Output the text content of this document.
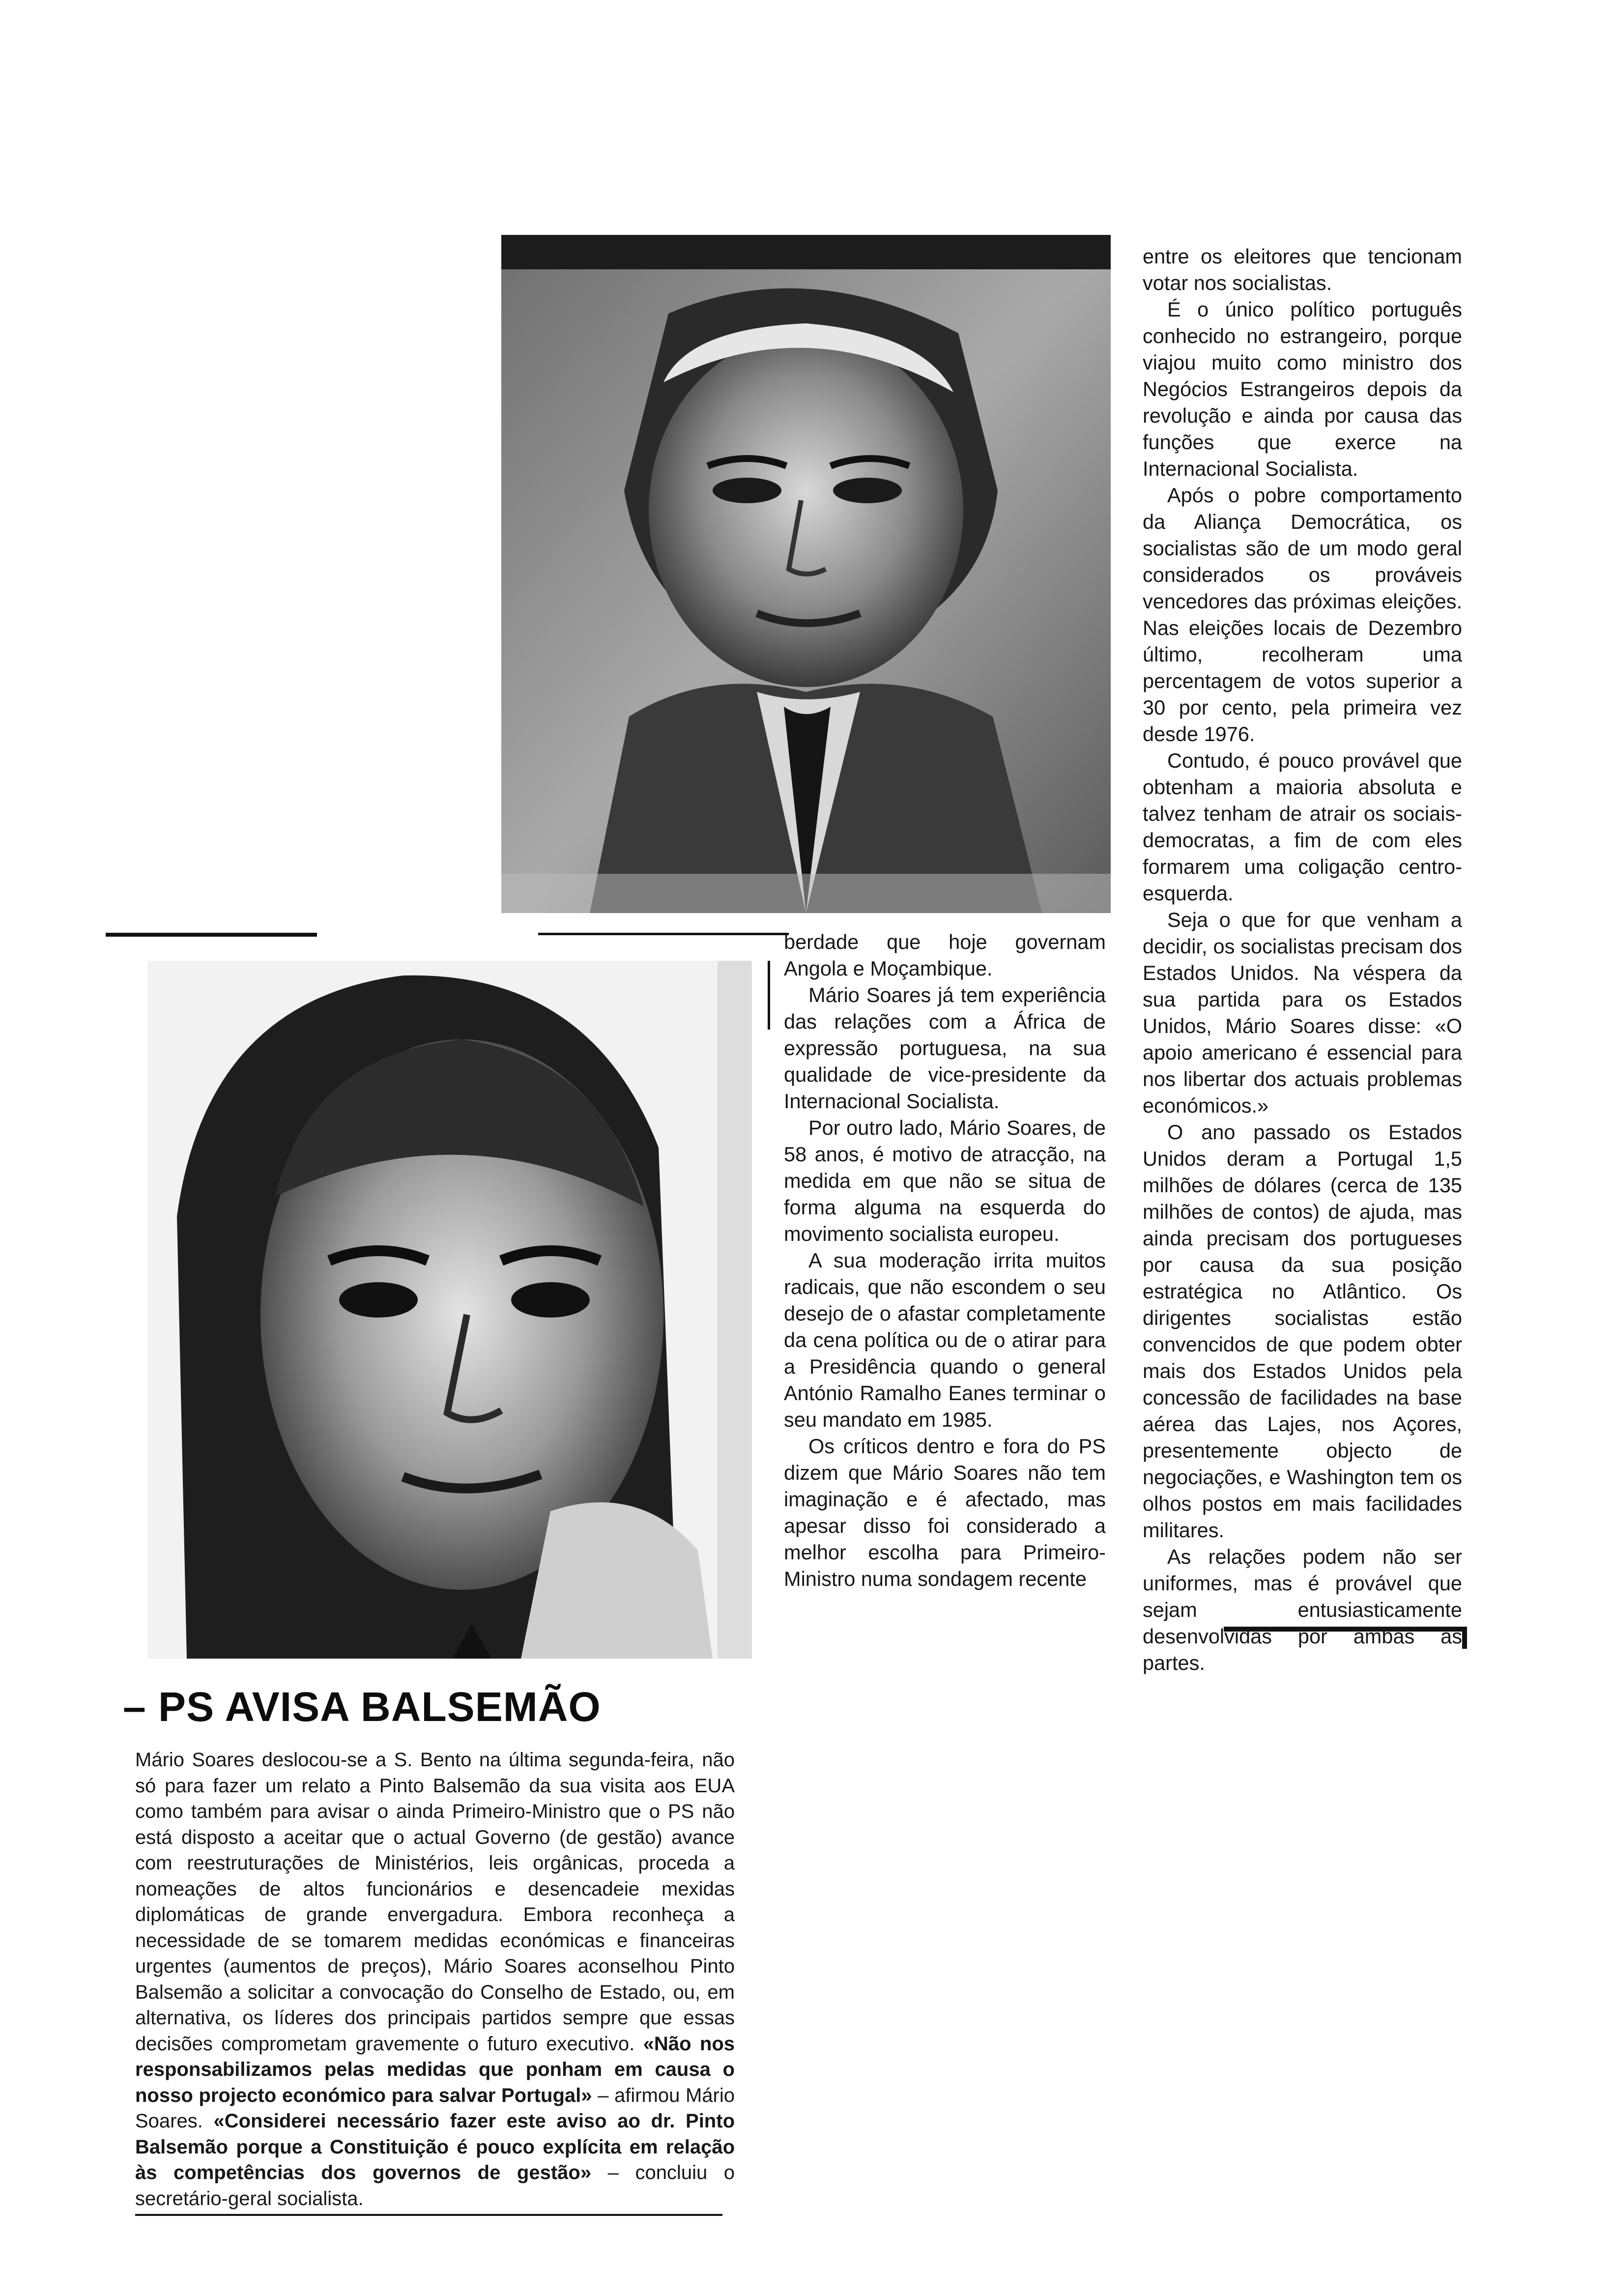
entre os eleitores que tencionam votar nos socialistas.

É o único político português conhecido no estrangeiro, porque viajou muito como ministro dos Negócios Estrangeiros depois da revolução e ainda por causa das funções que exerce na Internacional Socialista.

Após o pobre comportamento da Aliança Democrática, os socialistas são de um modo geral considerados os prováveis vencedores das próximas eleições. Nas eleições locais de Dezembro último, recolheram uma percentagem de votos superior a 30 por cento, pela primeira vez desde 1976.

Contudo, é pouco provável que obtenham a maioria absoluta e talvez tenham de atrair os sociais-democratas, a fim de com eles formarem uma coligação centro-esquerda.

Seja o que for que venham a decidir, os socialistas precisam dos Estados Unidos. Na véspera da sua partida para os Estados Unidos, Mário Soares disse: «O apoio americano é essencial para nos libertar dos actuais problemas económicos.»

O ano passado os Estados Unidos deram a Portugal 1,5 milhões de dólares (cerca de 135 milhões de contos) de ajuda, mas ainda precisam dos portugueses por causa da sua posição estratégica no Atlântico. Os dirigentes socialistas estão convencidos de que podem obter mais dos Estados Unidos pela concessão de facilidades na base aérea das Lajes, nos Açores, presentemente objecto de negociações, e Washington tem os olhos postos em mais facilidades militares.

As relações podem não ser uniformes, mas é provável que sejam entusiasticamente desenvolvidas por ambas as partes.

berdade que hoje governam Angola e Moçambique.

Mário Soares já tem experiência das relações com a África de expressão portuguesa, na sua qualidade de vice-presidente da Internacional Socialista.

Por outro lado, Mário Soares, de 58 anos, é motivo de atracção, na medida em que não se situa de forma alguma na esquerda do movimento socialista europeu.

A sua moderação irrita muitos radicais, que não escondem o seu desejo de o afastar completamente da cena política ou de o atirar para a Presidência quando o general António Ramalho Eanes terminar o seu mandato em 1985.

Os críticos dentro e fora do PS dizem que Mário Soares não tem imaginação e é afectado, mas apesar disso foi considerado a melhor escolha para Primeiro-Ministro numa sondagem recente

– PS AVISA BALSEMÃO

Mário Soares deslocou-se a S. Bento na última segunda-feira, não só para fazer um relato a Pinto Balsemão da sua visita aos EUA como também para avisar o ainda Primeiro-Ministro que o PS não está disposto a aceitar que o actual Governo (de gestão) avance com reestruturações de Ministérios, leis orgânicas, proceda a nomeações de altos funcionários e desencadeie mexidas diplomáticas de grande envergadura. Embora reconheça a necessidade de se tomarem medidas económicas e financeiras urgentes (aumentos de preços), Mário Soares aconselhou Pinto Balsemão a solicitar a convocação do Conselho de Estado, ou, em alternativa, os líderes dos principais partidos sempre que essas decisões comprometam gravemente o futuro executivo. «Não nos responsabilizamos pelas medidas que ponham em causa o nosso projecto económico para salvar Portugal» – afirmou Mário Soares. «Considerei necessário fazer este aviso ao dr. Pinto Balsemão porque a Constituição é pouco explícita em relação às competências dos governos de gestão» – concluiu o secretário-geral socialista.
